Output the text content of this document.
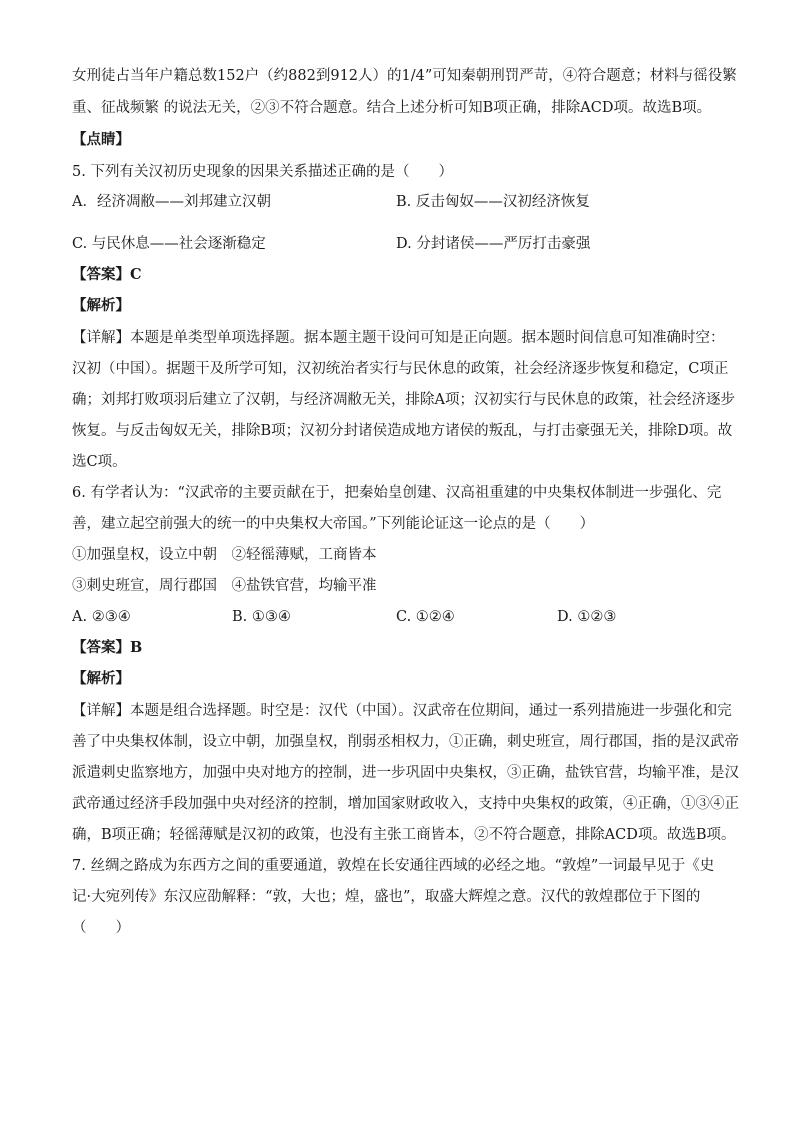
女刑徒占当年户籍总数152户（约882到912人）的1/4”可知秦朝刑罚严苛，④符合题意；材料与徭役繁
重、征战频繁 的说法无关，②③不符合题意。结合上述分析可知B项正确，排除ACD项。故选B项。
【点睛】
5. 下列有关汉初历史现象的因果关系描述正确的是（　　）
A．经济凋敝——刘邦建立汉朝	B. 反击匈奴——汉初经济恢复
C. 与民休息——社会逐渐稳定	D. 分封诸侯——严厉打击豪强
【答案】C
【解析】
【详解】本题是单类型单项选择题。据本题主题干设问可知是正向题。据本题时间信息可知准确时空：
汉初（中国）。据题干及所学可知，汉初统治者实行与民休息的政策，社会经济逐步恢复和稳定，C项正
确；刘邦打败项羽后建立了汉朝，与经济凋敝无关，排除A项；汉初实行与民休息的政策，社会经济逐步
恢复。与反击匈奴无关，排除B项；汉初分封诸侯造成地方诸侯的叛乱，与打击豪强无关，排除D项。故
选C项。
6. 有学者认为：“汉武帝的主要贡献在于，把秦始皇创建、汉高祖重建的中央集权体制进一步强化、完
善，建立起空前强大的统一的中央集权大帝国。”下列能论证这一论点的是（　　）
①加强皇权，设立中朝　②轻徭薄赋，工商皆本
③刺史班宣，周行郡国　④盐铁官营，均输平准
A. ②③④	B. ①③④	C. ①②④	D. ①②③
【答案】B
【解析】
【详解】本题是组合选择题。时空是：汉代（中国）。汉武帝在位期间，通过一系列措施进一步强化和完
善了中央集权体制，设立中朝，加强皇权，削弱丞相权力，①正确，刺史班宣，周行郡国，指的是汉武帝
派遣刺史监察地方，加强中央对地方的控制，进一步巩固中央集权，③正确，盐铁官营，均输平准，是汉
武帝通过经济手段加强中央对经济的控制，增加国家财政收入，支持中央集权的政策，④正确，①③④正
确，B项正确；轻徭薄赋是汉初的政策，也没有主张工商皆本，②不符合题意，排除ACD项。故选B项。
7. 丝绸之路成为东西方之间的重要通道，敦煌在长安通往西域的必经之地。“敦煌”一词最早见于《史
记·大宛列传》东汉应劭解释：“敦，大也；煌，盛也”，取盛大辉煌之意。汉代的敦煌郡位于下图的
（　　）
